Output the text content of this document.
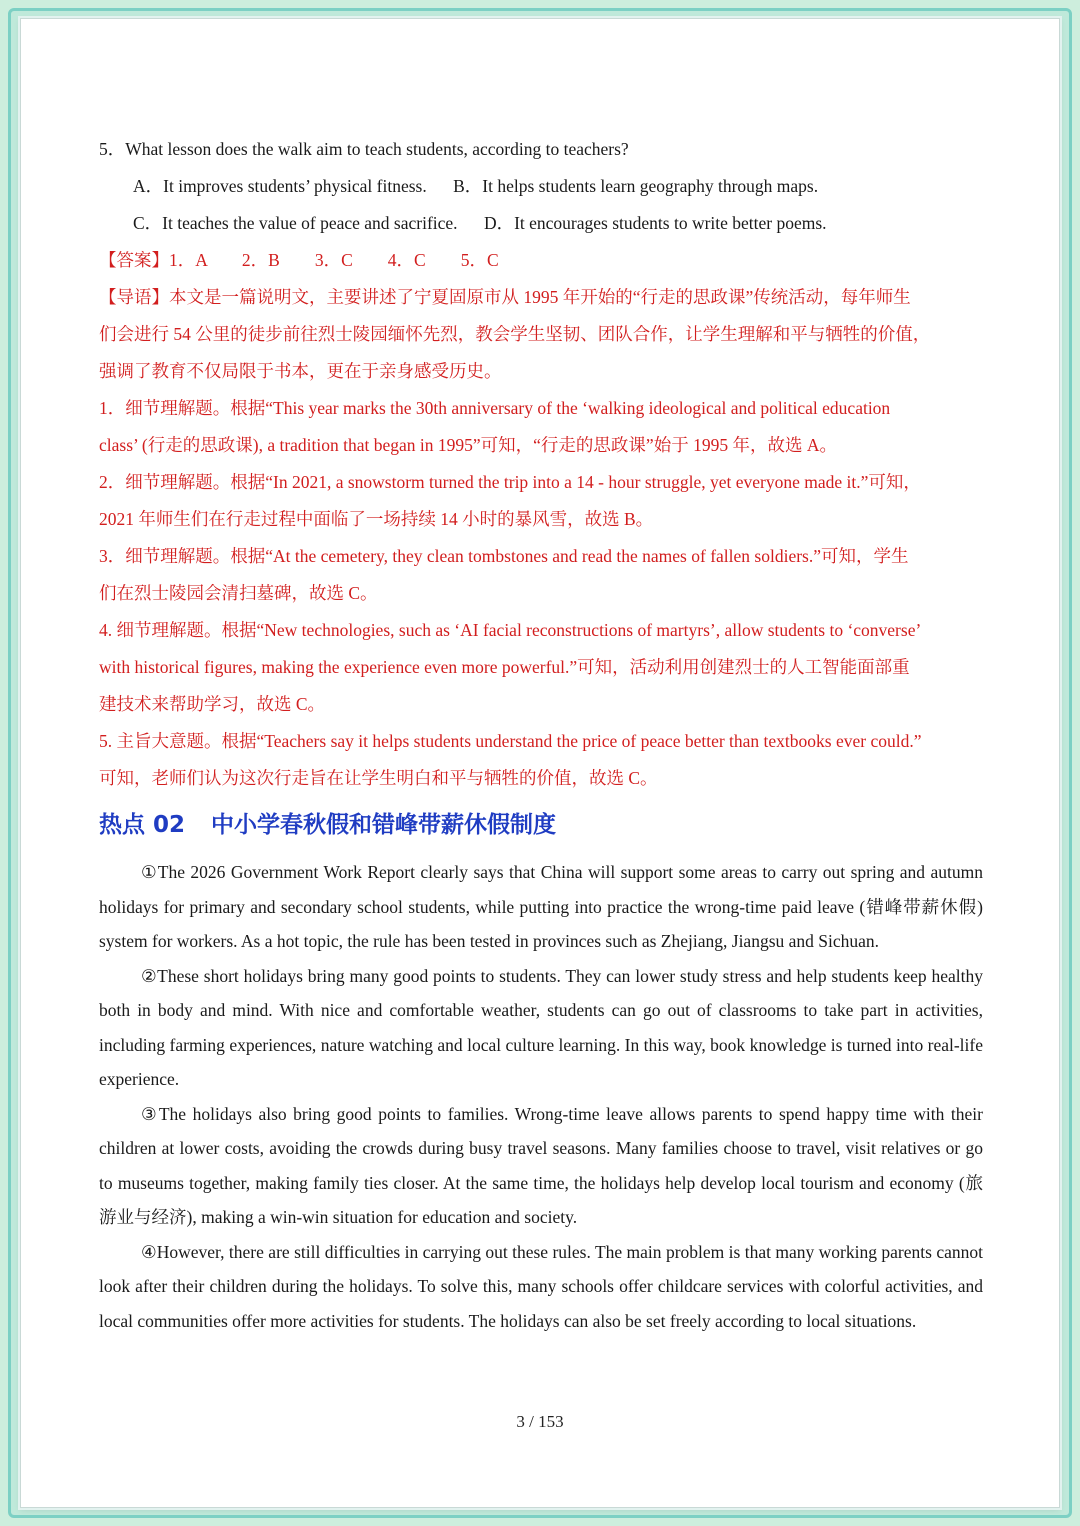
5．What lesson does the walk aim to teach students, according to teachers?
A．It improves students’ physical fitness. B．It helps students learn geography through maps.
C．It teaches the value of peace and sacrifice. D．It encourages students to write better poems.
【答案】1．A　　2．B　　3．C　　4．C　　5．C
【导语】本文是一篇说明文，主要讲述了宁夏固原市从 1995 年开始的“行走的思政课”传统活动，每年师生
们会进行 54 公里的徒步前往烈士陵园缅怀先烈，教会学生坚韧、团队合作，让学生理解和平与牺牲的价值，
强调了教育不仅局限于书本，更在于亲身感受历史。
1．细节理解题。根据“This year marks the 30th anniversary of the ‘walking ideological and political education
class’ (行走的思政课), a tradition that began in 1995”可知，“行走的思政课”始于 1995 年，故选 A。
2．细节理解题。根据“In 2021, a snowstorm turned the trip into a 14 - hour struggle, yet everyone made it.”可知，
2021 年师生们在行走过程中面临了一场持续 14 小时的暴风雪，故选 B。
3．细节理解题。根据“At the cemetery, they clean tombstones and read the names of fallen soldiers.”可知，学生
们在烈士陵园会清扫墓碑，故选 C。
4. 细节理解题。根据“New technologies, such as ‘AI facial reconstructions of martyrs’, allow students to ‘converse’
with historical figures, making the experience even more powerful.”可知，活动利用创建烈士的人工智能面部重
建技术来帮助学习，故选 C。
5. 主旨大意题。根据“Teachers say it helps students understand the price of peace better than textbooks ever could.”
可知，老师们认为这次行走旨在让学生明白和平与牺牲的价值，故选 C。
热点 02 中小学春秋假和错峰带薪休假制度

①The 2026 Government Work Report clearly says that China will support some areas to carry out spring and autumn holidays for primary and secondary school students, while putting into practice the wrong-time paid leave (错峰带薪休假) system for workers. As a hot topic, the rule has been tested in provinces such as Zhejiang, Jiangsu and Sichuan.

②These short holidays bring many good points to students. They can lower study stress and help students keep healthy both in body and mind. With nice and comfortable weather, students can go out of classrooms to take part in activities, including farming experiences, nature watching and local culture learning. In this way, book knowledge is turned into real-life experience.

③The holidays also bring good points to families. Wrong-time leave allows parents to spend happy time with their children at lower costs, avoiding the crowds during busy travel seasons. Many families choose to travel, visit relatives or go to museums together, making family ties closer. At the same time, the holidays help develop local tourism and economy (旅游业与经济), making a win-win situation for education and society.

④However, there are still difficulties in carrying out these rules. The main problem is that many working parents cannot look after their children during the holidays. To solve this, many schools offer childcare services with colorful activities, and local communities offer more activities for students. The holidays can also be set freely according to local situations.

3 / 153
